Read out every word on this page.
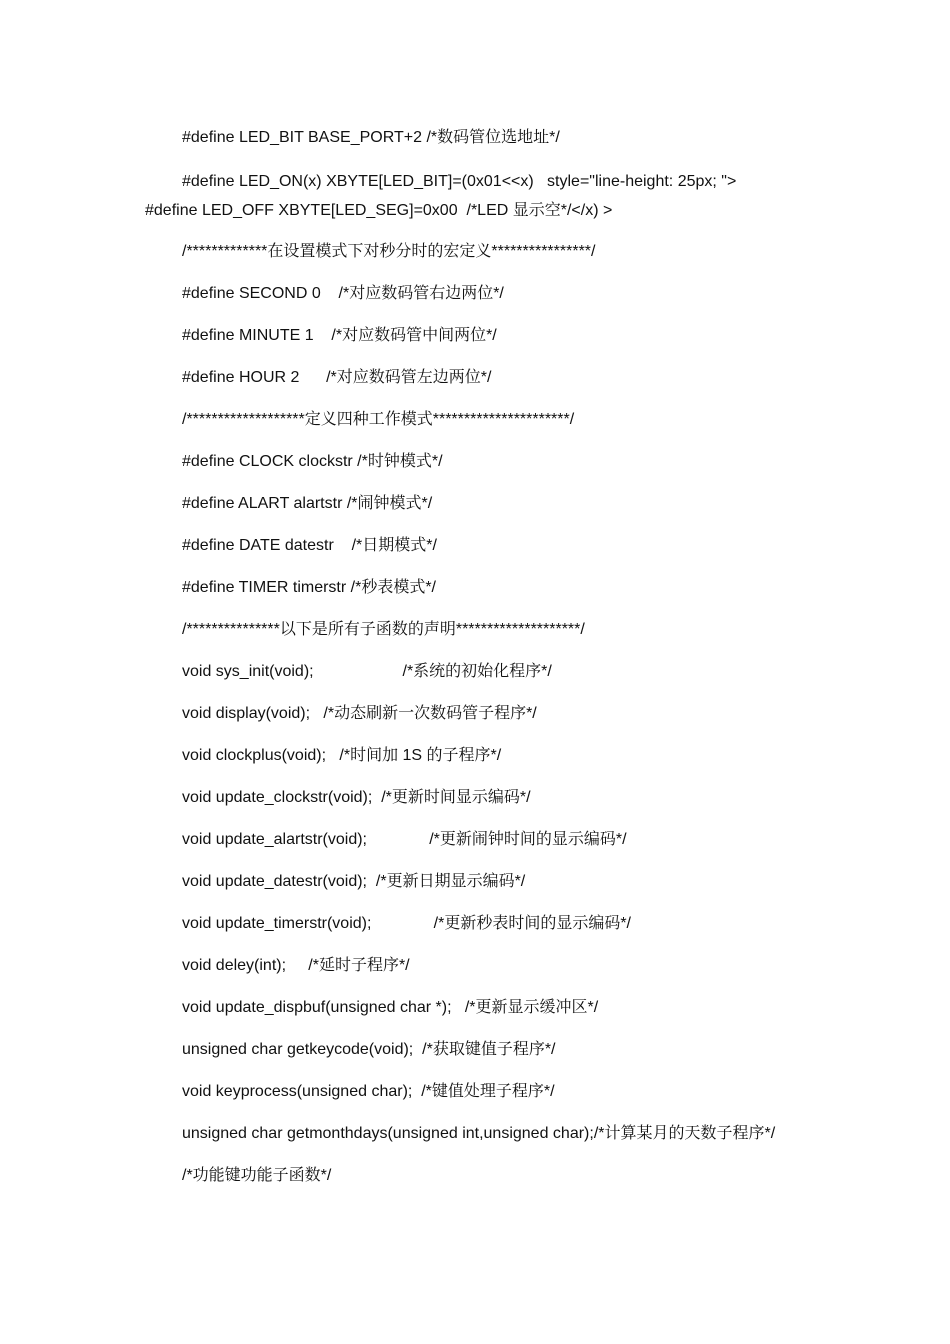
#define LED_BIT BASE_PORT+2 /*数码管位选地址*/
#define LED_ON(x) XBYTE[LED_BIT]=(0x01<<x)   style="line-height: 25px; ">
#define LED_OFF XBYTE[LED_SEG]=0x00  /*LED 显示空*/</x) >
/*************在设置模式下对秒分时的宏定义****************/
#define SECOND 0    /*对应数码管右边两位*/
#define MINUTE 1    /*对应数码管中间两位*/
#define HOUR 2      /*对应数码管左边两位*/
/*******************定义四种工作模式**********************/
#define CLOCK clockstr /*时钟模式*/
#define ALART alartstr /*闹钟模式*/
#define DATE datestr    /*日期模式*/
#define TIMER timerstr /*秒表模式*/
/***************以下是所有子函数的声明********************/
void sys_init(void);                    /*系统的初始化程序*/
void display(void);   /*动态刷新一次数码管子程序*/
void clockplus(void);   /*时间加 1S 的子程序*/
void update_clockstr(void);  /*更新时间显示编码*/
void update_alartstr(void);              /*更新闹钟时间的显示编码*/
void update_datestr(void);  /*更新日期显示编码*/
void update_timerstr(void);              /*更新秒表时间的显示编码*/
void deley(int);     /*延时子程序*/
void update_dispbuf(unsigned char *);   /*更新显示缓冲区*/
unsigned char getkeycode(void);  /*获取键值子程序*/
void keyprocess(unsigned char);  /*键值处理子程序*/
unsigned char getmonthdays(unsigned int,unsigned char);/*计算某月的天数子程序*/
/*功能键功能子函数*/
